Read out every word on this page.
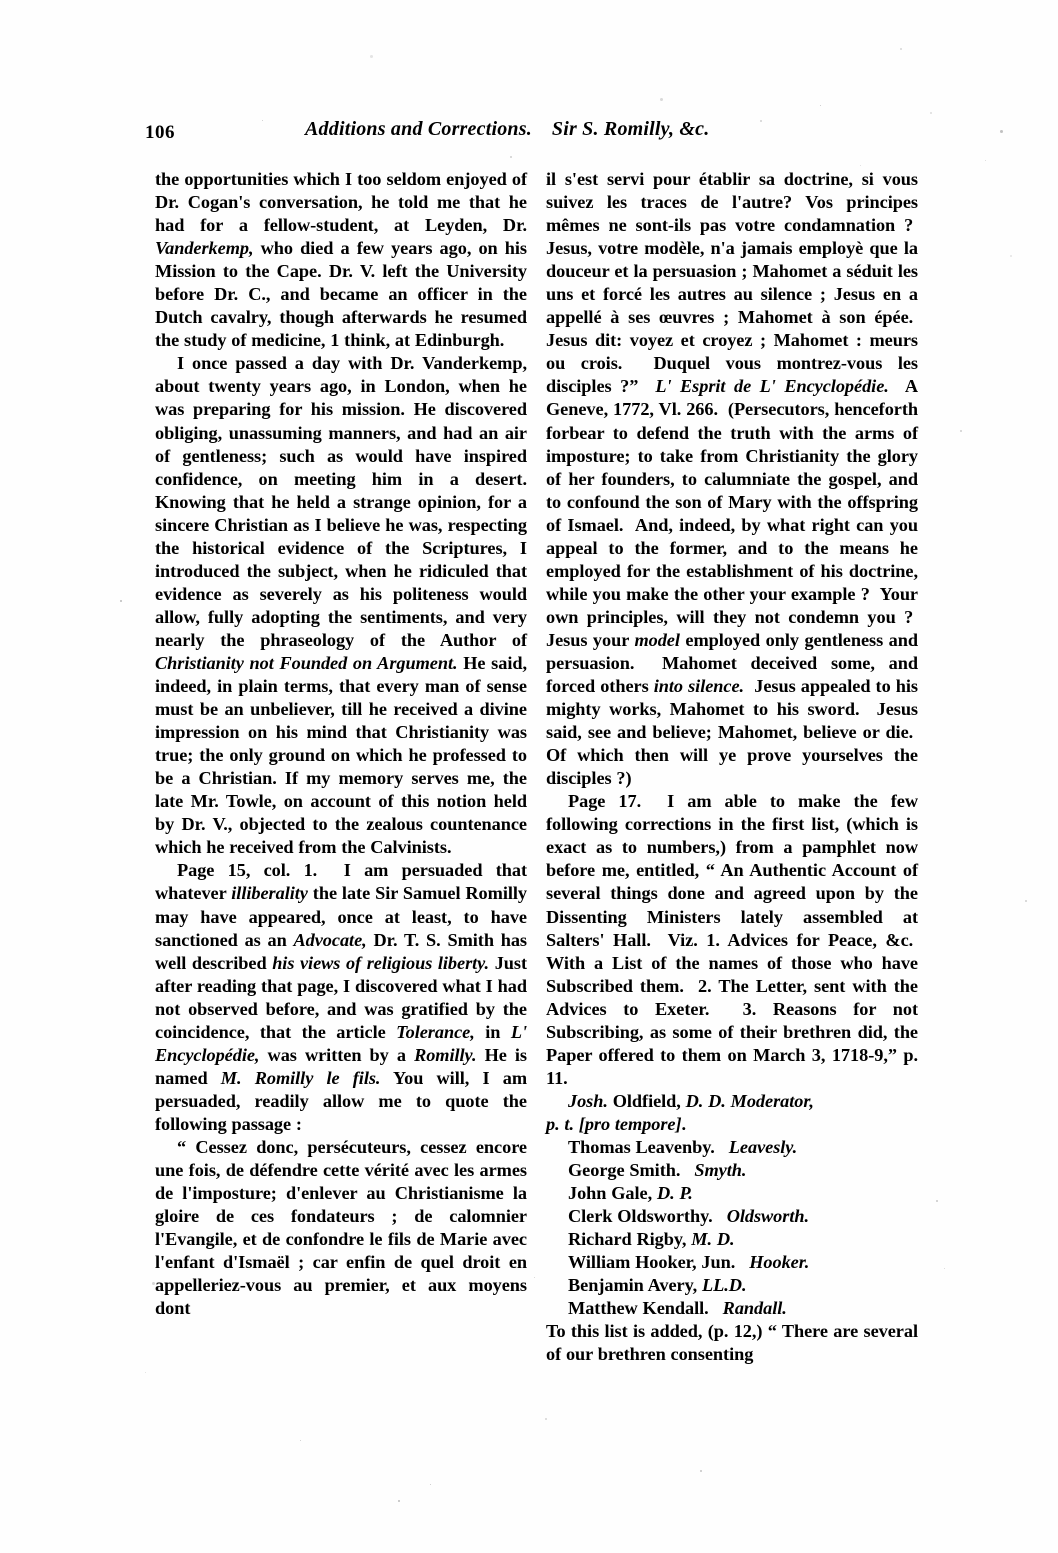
106	Additions and Corrections. Sir S. Romilly, &c.

the opportunities which I too seldom enjoyed of Dr. Cogan's conversation, he told me that he had for a fellow-student, at Leyden, Dr. Vanderkemp, who died a few years ago, on his Mission to the Cape. Dr. V. left the University before Dr. C., and became an officer in the Dutch cavalry, though afterwards he resumed the study of medicine, 1 think, at Edinburgh.

I once passed a day with Dr. Vanderkemp, about twenty years ago, in London, when he was preparing for his mission. He discovered obliging, unassuming manners, and had an air of gentleness; such as would have inspired confidence, on meeting him in a desert. Knowing that he held a strange opinion, for a sincere Christian as I believe he was, respecting the historical evidence of the Scriptures, I introduced the subject, when he ridiculed that evidence as severely as his politeness would allow, fully adopting the sentiments, and very nearly the phraseology of the Author of Christianity not Founded on Argument. He said, indeed, in plain terms, that every man of sense must be an unbeliever, till he received a divine impression on his mind that Christianity was true; the only ground on which he professed to be a Christian. If my memory serves me, the late Mr. Towle, on account of this notion held by Dr. V., objected to the zealous countenance which he received from the Calvinists.

Page 15, col. 1.  I am persuaded that whatever illiberality the late Sir Samuel Romilly may have appeared, once at least, to have sanctioned as an Advocate, Dr. T. S. Smith has well described his views of religious liberty. Just after reading that page, I discovered what I had not observed before, and was gratified by the coincidence, that the article Tolerance, in L' Encyclopédie, was written by a Romilly. He is named M. Romilly le fils. You will, I am persuaded, readily allow me to quote the following passage :

“ Cessez donc, persécuteurs, cessez encore une fois, de défendre cette vérité avec les armes de l'imposture; d'enlever au Christianisme la gloire de ces fondateurs ; de calomnier l'Evangile, et de confondre le fils de Marie avec l'enfant d'Ismaël ; car enfin de quel droit en appelleriez-vous au premier, et aux moyens dont

il s'est servi pour établir sa doctrine, si vous suivez les traces de l'autre? Vos principes mêmes ne sont-ils pas votre condamnation ?  Jesus, votre modèle, n'a jamais employè que la douceur et la persuasion ; Mahomet a séduit les uns et forcé les autres au silence ; Jesus en a appellé à ses œuvres ; Mahomet à son épée.  Jesus dit: voyez et croyez ; Mahomet : meurs ou crois.  Duquel vous montrez-vous les disciples ?”  L' Esprit de L' Encyclopédie.  A Geneve, 1772, Vl. 266.  (Persecutors, henceforth forbear to defend the truth with the arms of imposture; to take from Christianity the glory of her founders, to calumniate the gospel, and to confound the son of Mary with the offspring of Ismael.  And, indeed, by what right can you appeal to the former, and to the means he employed for the establishment of his doctrine, while you make the other your example ?  Your own principles, will they not condemn you ?  Jesus your model employed only gentleness and persuasion.  Mahomet deceived some, and forced others into silence.  Jesus appealed to his mighty works, Mahomet to his sword.  Jesus said, see and believe; Mahomet, believe or die.  Of which then will ye prove yourselves the disciples ?)

Page 17.  I am able to make the few following corrections in the first list, (which is exact as to numbers,) from a pamphlet now before me, entitled, “ An Authentic Account of several things done and agreed upon by the Dissenting Ministers lately assembled at Salters' Hall.  Viz. 1. Advices for Peace, &c.  With a List of the names of those who have Subscribed them.  2. The Letter, sent with the Advices to Exeter.  3. Reasons for not Subscribing, as some of their brethren did, the Paper offered to them on March 3, 1718-9,” p. 11.

Josh. Oldfield, D. D. Moderator,
p. t. [pro tempore].

Thomas Leavenby. Leavesly.
George Smith. Smyth.
John Gale, D. P.
Clerk Oldsworthy. Oldsworth.
Richard Rigby, M. D.
William Hooker, Jun. Hooker.
Benjamin Avery, LL.D.
Matthew Kendall. Randall.

To this list is added, (p. 12,) “ There are several of our brethren consenting
